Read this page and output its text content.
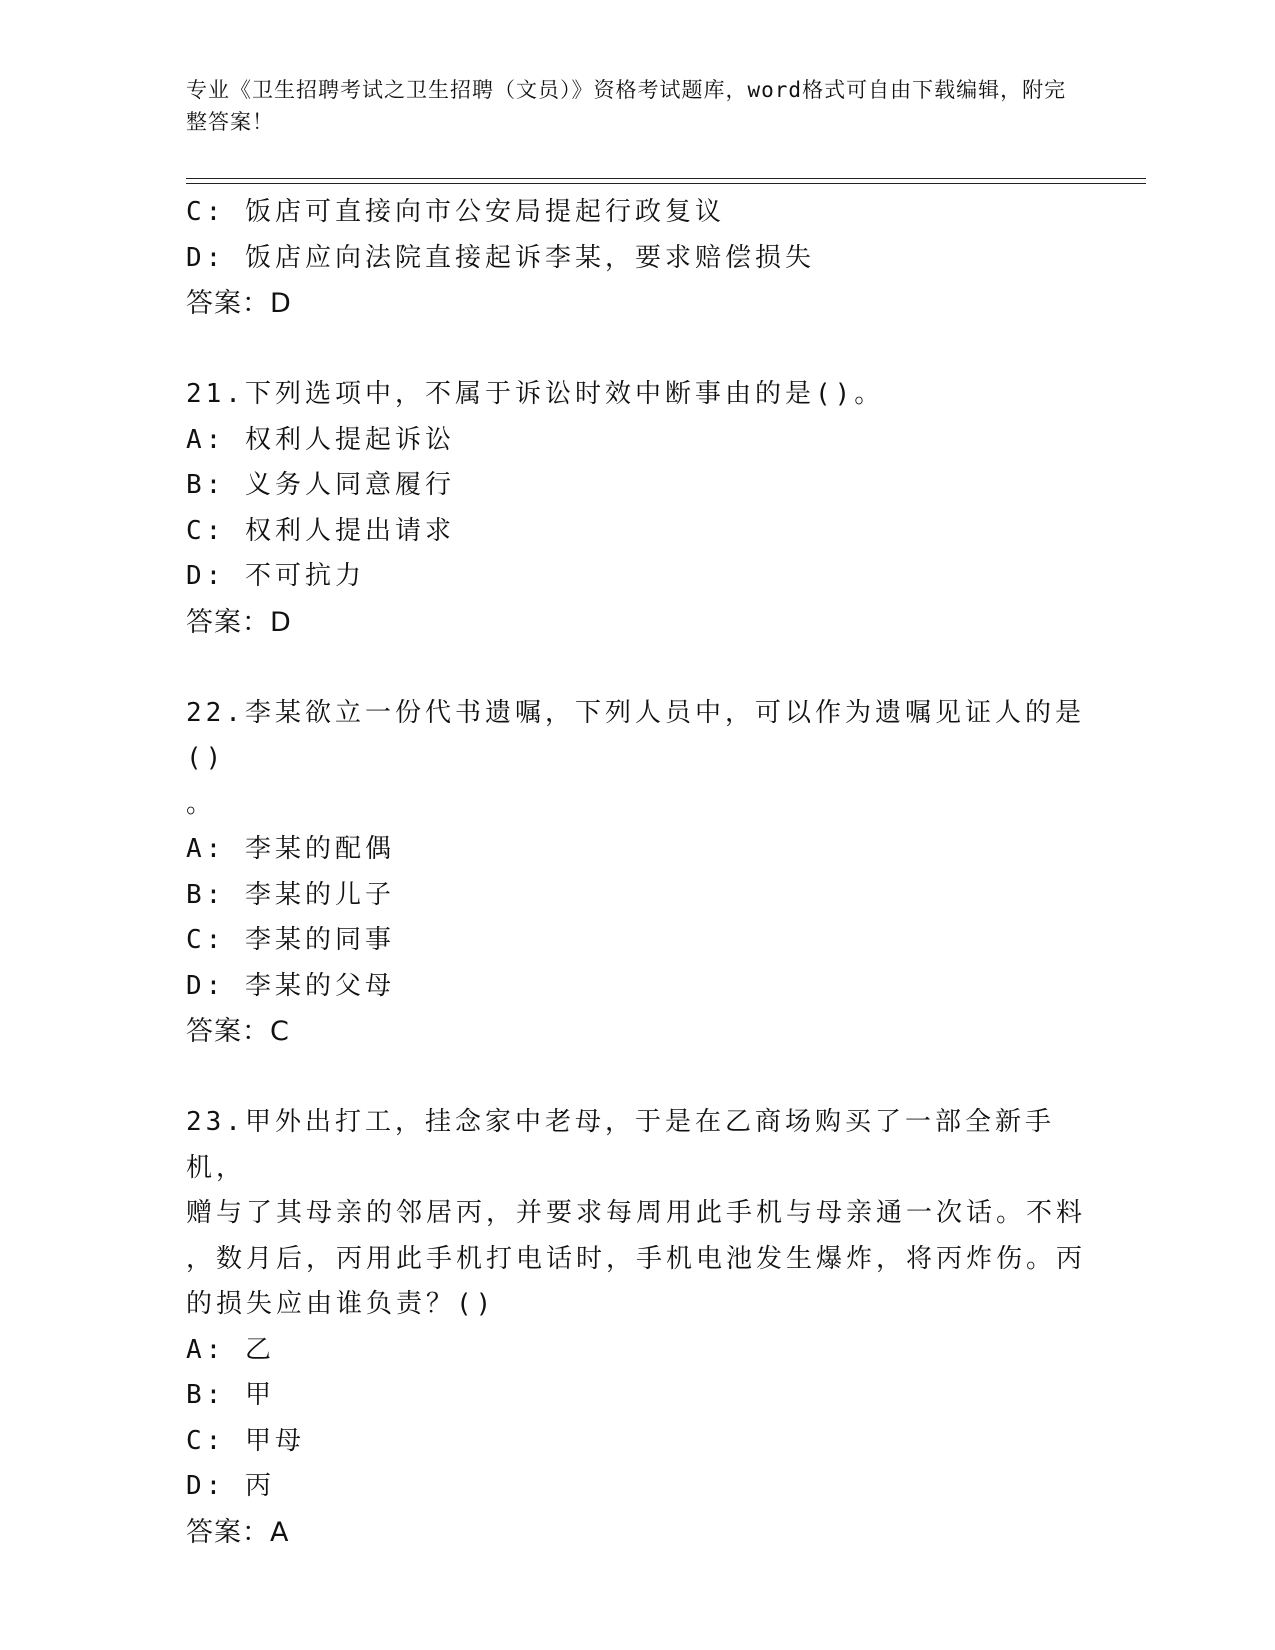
专业《卫生招聘考试之卫生招聘（文员）》资格考试题库，word格式可自由下载编辑，附完整答案！
C: 饭店可直接向市公安局提起行政复议
D: 饭店应向法院直接起诉李某，要求赔偿损失
答案：D
21.下列选项中，不属于诉讼时效中断事由的是()。
A: 权利人提起诉讼
B: 义务人同意履行
C: 权利人提出请求
D: 不可抗力
答案：D
22.李某欲立一份代书遗嘱，下列人员中，可以作为遗嘱见证人的是()
。
A: 李某的配偶
B: 李某的儿子
C: 李某的同事
D: 李某的父母
答案：C
23.甲外出打工，挂念家中老母，于是在乙商场购买了一部全新手机，
赠与了其母亲的邻居丙，并要求每周用此手机与母亲通一次话。不料
，数月后，丙用此手机打电话时，手机电池发生爆炸，将丙炸伤。丙
的损失应由谁负责？()
A: 乙
B: 甲
C: 甲母
D: 丙
答案：A
